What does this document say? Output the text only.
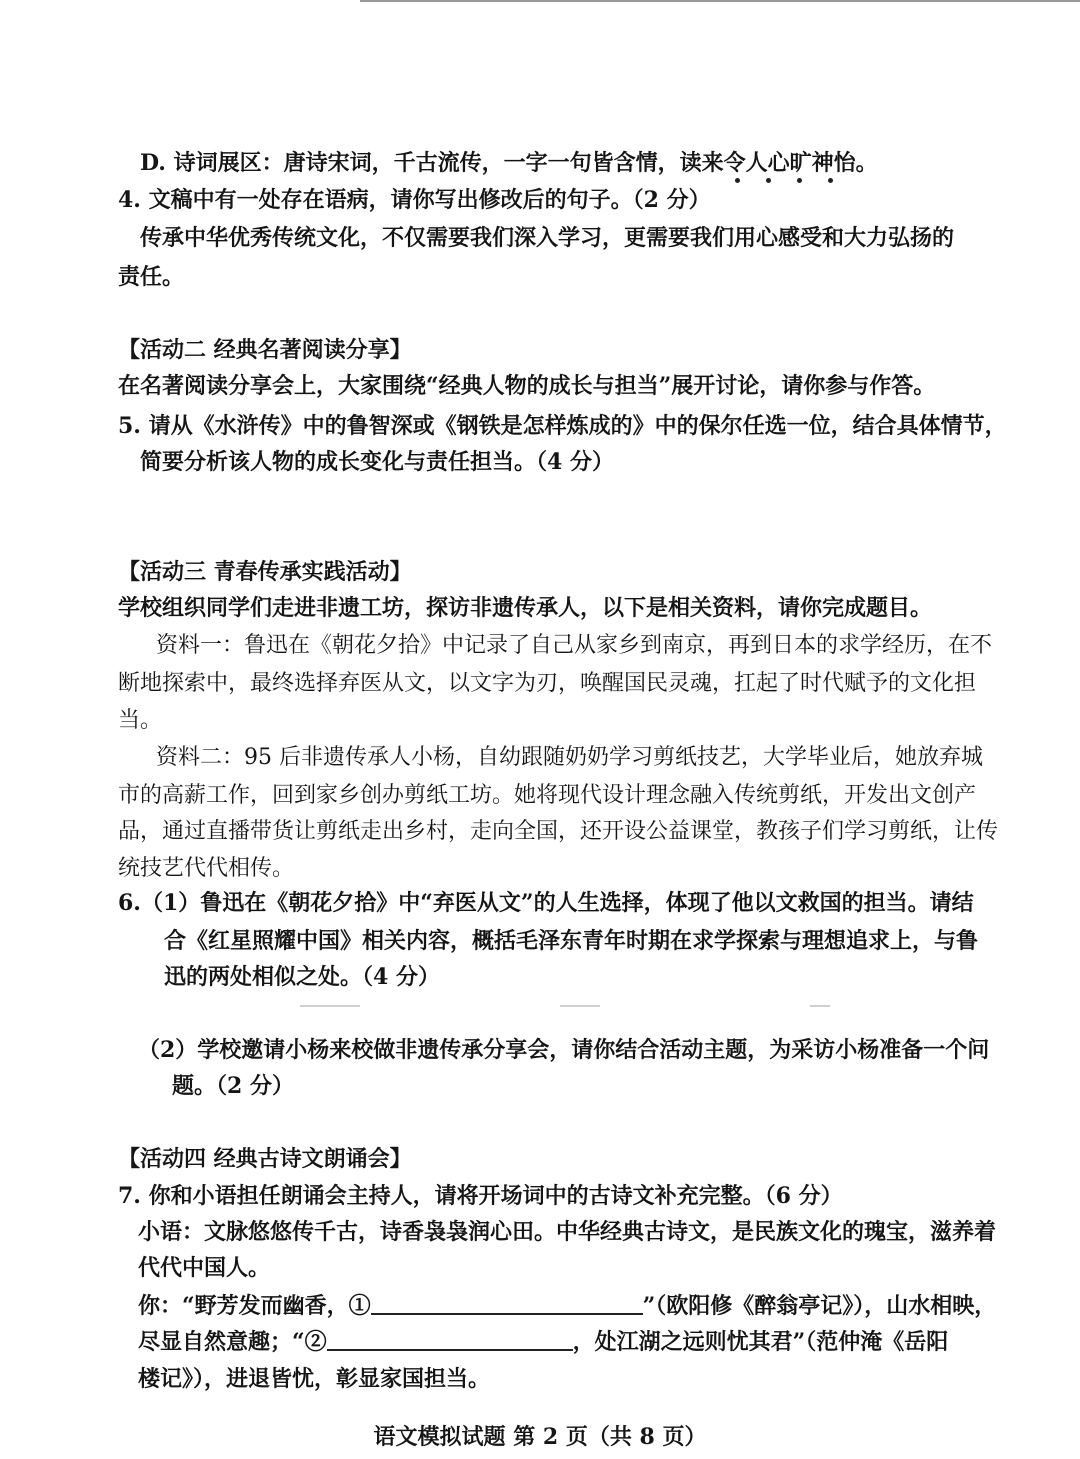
D. 诗词展区：唐诗宋词，千古流传，一字一句皆含情，读来令人心旷神怡。
4. 文稿中有一处存在语病，请你写出修改后的句子。（2 分）
传承中华优秀传统文化，不仅需要我们深入学习，更需要我们用心感受和大力弘扬的
责任。
【活动二 经典名著阅读分享】
在名著阅读分享会上，大家围绕“经典人物的成长与担当”展开讨论，请你参与作答。
5. 请从《水浒传》中的鲁智深或《钢铁是怎样炼成的》中的保尔任选一位，结合具体情节，
简要分析该人物的成长变化与责任担当。（4 分）
【活动三 青春传承实践活动】
学校组织同学们走进非遗工坊，探访非遗传承人，以下是相关资料，请你完成题目。
资料一：鲁迅在《朝花夕拾》中记录了自己从家乡到南京，再到日本的求学经历，在不
断地探索中，最终选择弃医从文，以文字为刃，唤醒国民灵魂，扛起了时代赋予的文化担
当。
资料二：95 后非遗传承人小杨，自幼跟随奶奶学习剪纸技艺，大学毕业后，她放弃城
市的高薪工作，回到家乡创办剪纸工坊。她将现代设计理念融入传统剪纸，开发出文创产
品，通过直播带货让剪纸走出乡村，走向全国，还开设公益课堂，教孩子们学习剪纸，让传
统技艺代代相传。
6.（1）鲁迅在《朝花夕拾》中“弃医从文”的人生选择，体现了他以文救国的担当。请结
合《红星照耀中国》相关内容，概括毛泽东青年时期在求学探索与理想追求上，与鲁
迅的两处相似之处。（4 分）
（2）学校邀请小杨来校做非遗传承分享会，请你结合活动主题，为采访小杨准备一个问
题。（2 分）
【活动四 经典古诗文朗诵会】
7. 你和小语担任朗诵会主持人，请将开场词中的古诗文补充完整。（6 分）
小语：文脉悠悠传千古，诗香袅袅润心田。中华经典古诗文，是民族文化的瑰宝，滋养着
代代中国人。
你：“野芳发而幽香，①	”（欧阳修《醉翁亭记》），山水相映，
尽显自然意趣；“②	，处江湖之远则忧其君”（范仲淹《岳阳
楼记》），进退皆忧，彰显家国担当。
语文模拟试题 第 2 页（共 8 页）
